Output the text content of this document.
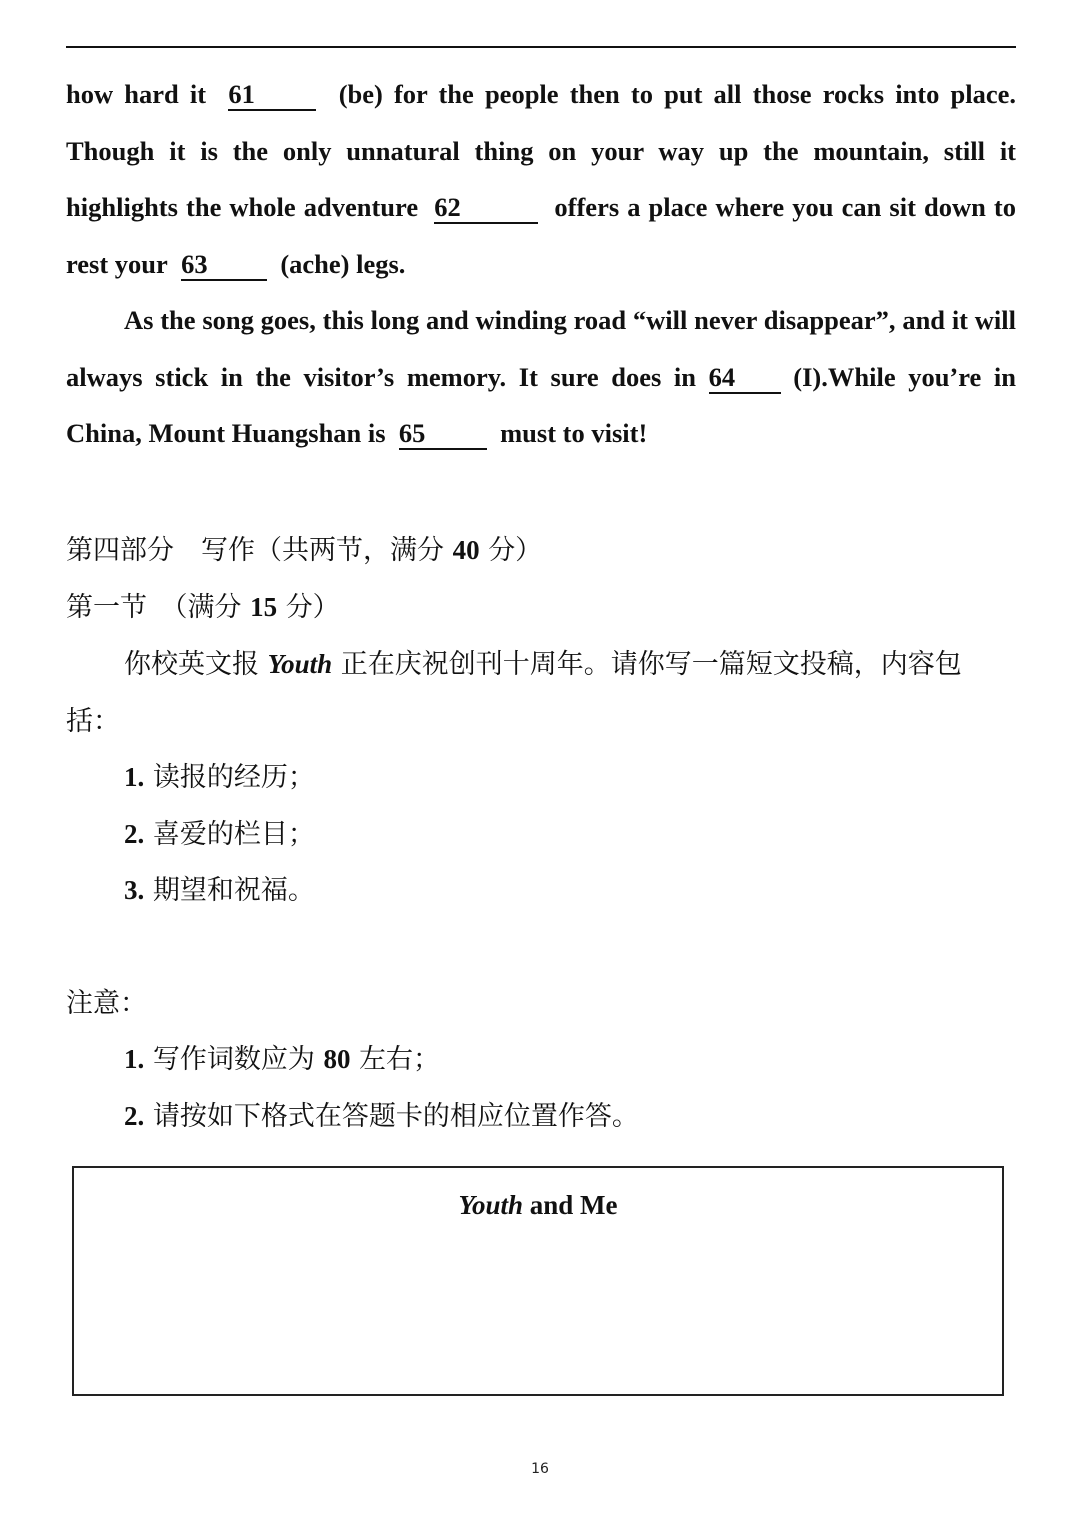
how hard it 61	(be) for the people then to put all those rocks into place. Though it is the only unnatural thing on your way up the mountain, still it highlights the whole adventure 62	offers a place where you can sit down to rest your 63	(ache) legs.

As the song goes, this long and winding road “will never disappear”, and it will always stick in the visitor’s memory. It sure does in 64 (I).While you’re in China, Mount Huangshan is 65	must to visit!

第四部分　写作（共两节，满分 40 分）

第一节　（满分 15 分）

你校英文报 Youth 正在庆祝创刊十周年。请你写一篇短文投稿，内容包

括：

1. 读报的经历；

2. 喜爱的栏目；

3. 期望和祝福。

注意：

1. 写作词数应为 80 左右；

2. 请按如下格式在答题卡的相应位置作答。

Youth and Me
16
